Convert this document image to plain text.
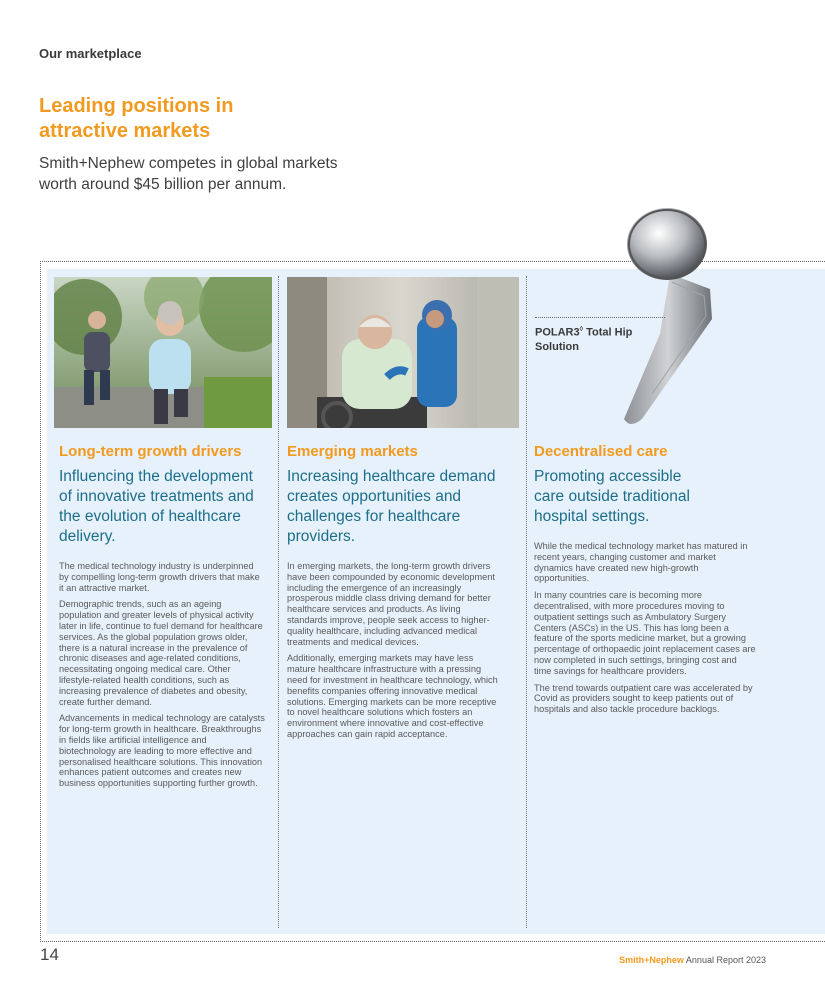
Our marketplace
Leading positions in attractive markets
Smith+Nephew competes in global markets worth around $45 billion per annum.
POLAR3◊ Total Hip Solution
Long-term growth drivers
Influencing the development of innovative treatments and the evolution of healthcare delivery.

The medical technology industry is underpinned by compelling long-term growth drivers that make it an attractive market.

Demographic trends, such as an ageing population and greater levels of physical activity later in life, continue to fuel demand for healthcare services. As the global population grows older, there is a natural increase in the prevalence of chronic diseases and age-related conditions, necessitating ongoing medical care. Other lifestyle-related health conditions, such as increasing prevalence of diabetes and obesity, create further demand.

Advancements in medical technology are catalysts for long-term growth in healthcare. Breakthroughs in fields like artificial intelligence and biotechnology are leading to more effective and personalised healthcare solutions. This innovation enhances patient outcomes and creates new business opportunities supporting further growth.

Emerging markets
Increasing healthcare demand creates opportunities and challenges for healthcare providers.

In emerging markets, the long-term growth drivers have been compounded by economic development including the emergence of an increasingly prosperous middle class driving demand for better healthcare services and products. As living standards improve, people seek access to higher-quality healthcare, including advanced medical treatments and medical devices.

Additionally, emerging markets may have less mature healthcare infrastructure with a pressing need for investment in healthcare technology, which benefits companies offering innovative medical solutions. Emerging markets can be more receptive to novel healthcare solutions which fosters an environment where innovative and cost-effective approaches can gain rapid acceptance.

Decentralised care
Promoting accessible care outside traditional hospital settings.

While the medical technology market has matured in recent years, changing customer and market dynamics have created new high-growth opportunities.

In many countries care is becoming more decentralised, with more procedures moving to outpatient settings such as Ambulatory Surgery Centers (ASCs) in the US. This has long been a feature of the sports medicine market, but a growing percentage of orthopaedic joint replacement cases are now completed in such settings, bringing cost and time savings for healthcare providers.

The trend towards outpatient care was accelerated by Covid as providers sought to keep patients out of hospitals and also tackle procedure backlogs.

14	Smith+Nephew Annual Report 2023
